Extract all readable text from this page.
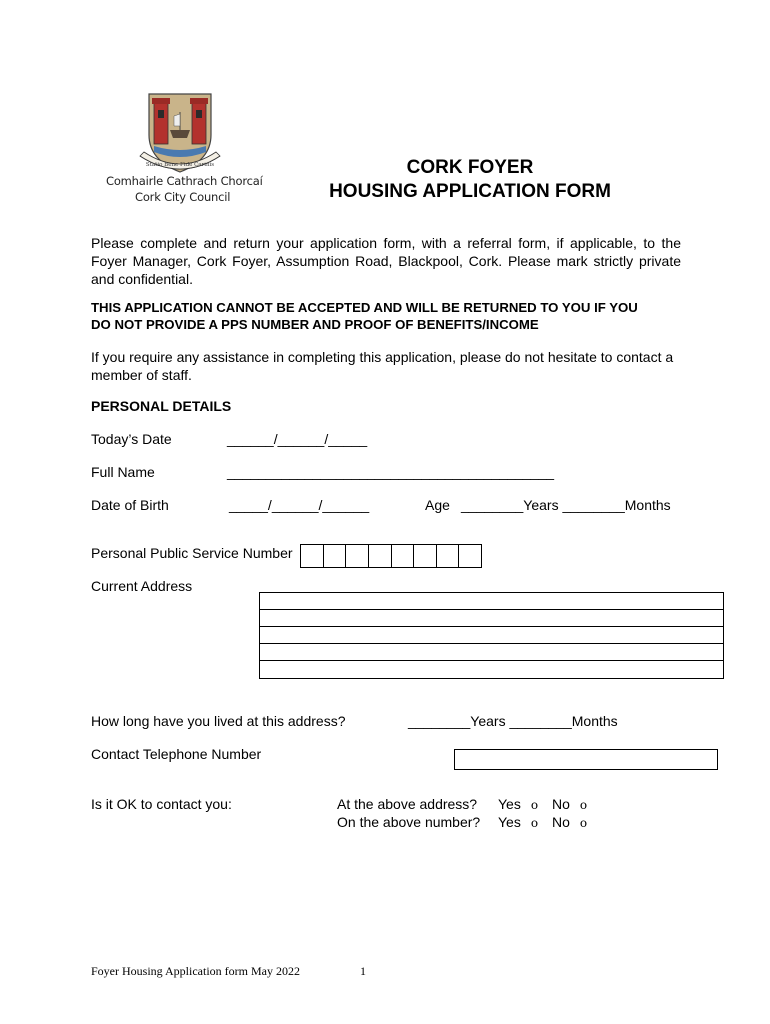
Statio Bene Fide Carinis
Comhairle Cathrach Chorcaí
Cork City Council
CORK FOYER
HOUSING APPLICATION FORM
Please complete and return your application form, with a referral form, if applicable, to the Foyer Manager, Cork Foyer, Assumption Road, Blackpool, Cork. Please mark strictly private and confidential.
THIS APPLICATION CANNOT BE ACCEPTED AND WILL BE RETURNED TO YOU IF YOU
DO NOT PROVIDE A PPS NUMBER AND PROOF OF BENEFITS/INCOME
If you require any assistance in completing this application, please do not hesitate to contact a member of staff.
PERSONAL DETAILS
Today’s Date	______/______/_____
Full Name	__________________________________________
Date of Birth	_____/______/______	Age ________Years ________Months
Personal Public Service Number
Current Address
How long have you lived at this address?	________Years ________Months
Contact Telephone Number
Is it OK to contact you:	At the above address? Yes o No o
On the above number? Yes o No o
Foyer Housing Application form May 2022	1
